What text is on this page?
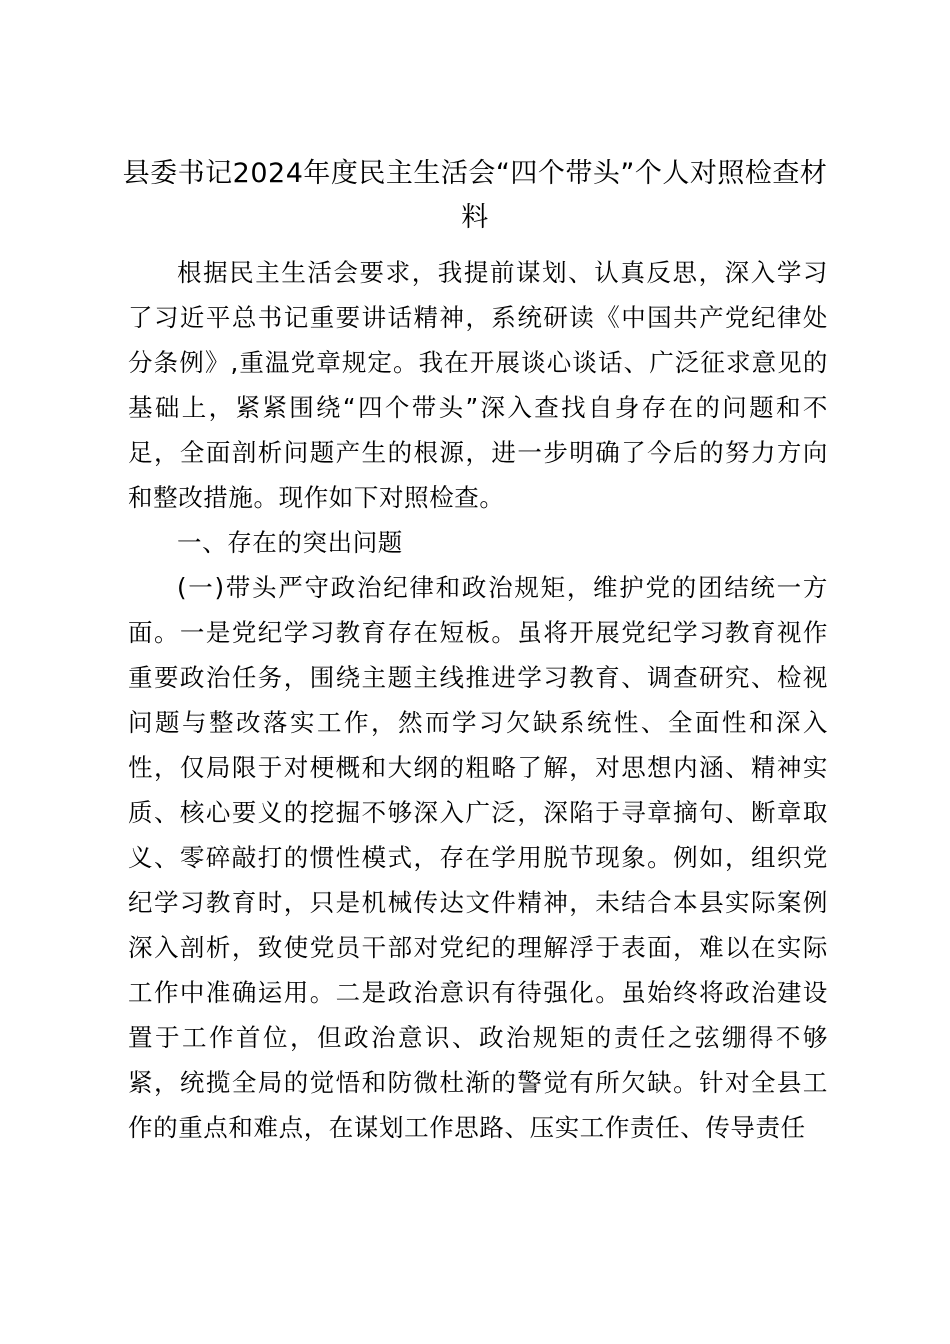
县委书记2024年度民主生活会“四个带头”个人对照检查材料

根据民主生活会要求，我提前谋划、认真反思，深入学习了习近平总书记重要讲话精神，系统研读《中国共产党纪律处分条例》,重温党章规定。我在开展谈心谈话、广泛征求意见的基础上，紧紧围绕“四个带头”深入查找自身存在的问题和不足，全面剖析问题产生的根源，进一步明确了今后的努力方向和整改措施。现作如下对照检查。

一、存在的突出问题

(一)带头严守政治纪律和政治规矩，维护党的团结统一方面。一是党纪学习教育存在短板。虽将开展党纪学习教育视作重要政治任务，围绕主题主线推进学习教育、调查研究、检视问题与整改落实工作，然而学习欠缺系统性、全面性和深入性，仅局限于对梗概和大纲的粗略了解，对思想内涵、精神实质、核心要义的挖掘不够深入广泛，深陷于寻章摘句、断章取义、零碎敲打的惯性模式，存在学用脱节现象。例如，组织党纪学习教育时，只是机械传达文件精神，未结合本县实际案例深入剖析，致使党员干部对党纪的理解浮于表面，难以在实际工作中准确运用。二是政治意识有待强化。虽始终将政治建设置于工作首位，但政治意识、政治规矩的责任之弦绷得不够紧，统揽全局的觉悟和防微杜渐的警觉有所欠缺。针对全县工作的重点和难点，在谋划工作思路、压实工作责任、传导责任
